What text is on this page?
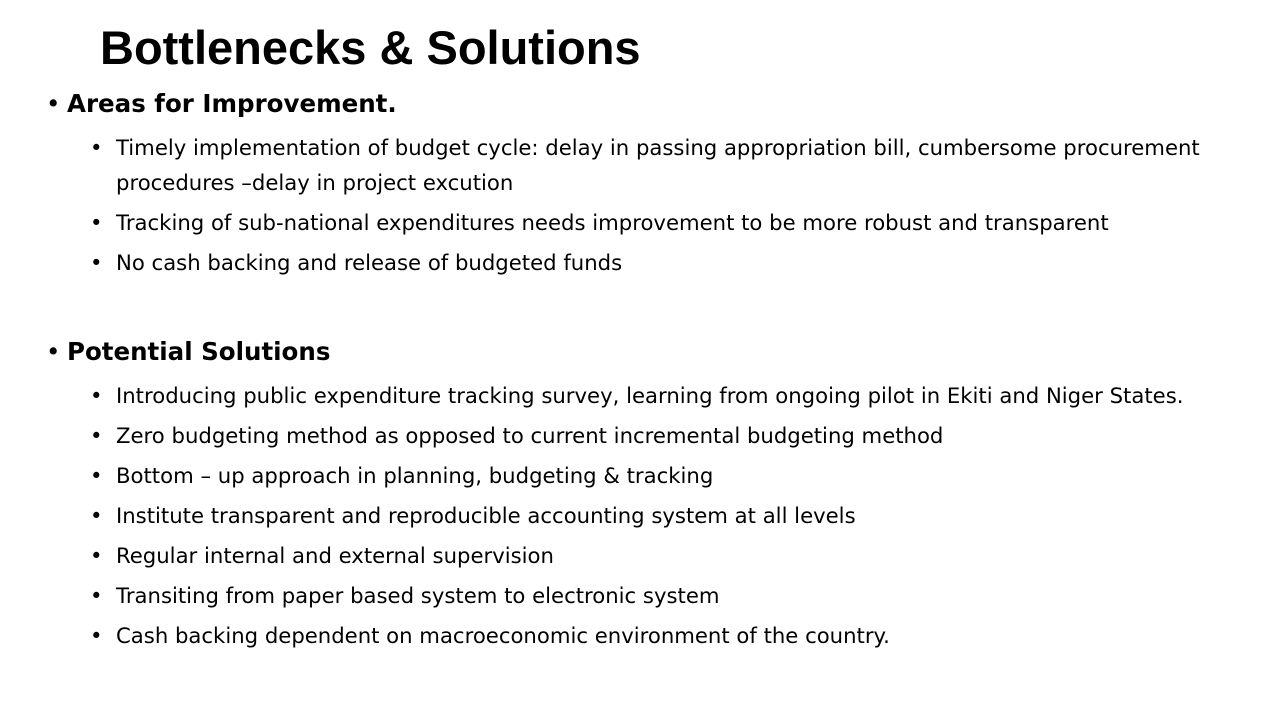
Bottlenecks & Solutions
• Areas for Improvement.
• Timely implementation of budget cycle: delay in passing appropriation bill, cumbersome procurement procedures –delay in project excution
• Tracking of sub-national expenditures needs improvement to be more robust and transparent
• No cash backing and release of budgeted funds
• Potential Solutions
• Introducing public expenditure tracking survey, learning from ongoing pilot in Ekiti and Niger States.
• Zero budgeting method as opposed to current incremental budgeting method
• Bottom – up approach in planning, budgeting & tracking
• Institute transparent and reproducible accounting system at all levels
• Regular internal and external supervision
• Transiting from paper based system to electronic system
• Cash backing dependent on macroeconomic environment of the country.
